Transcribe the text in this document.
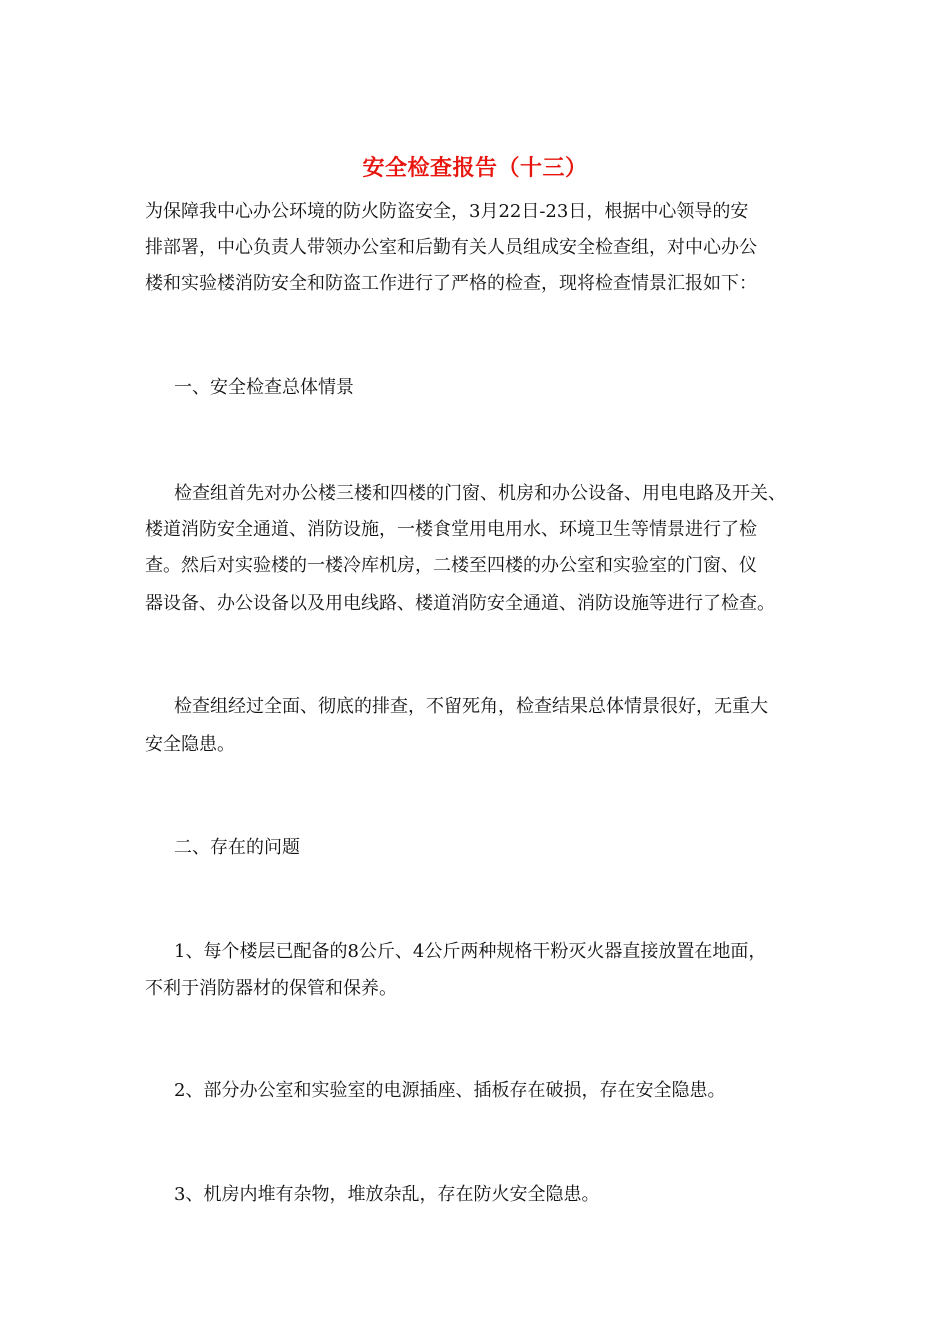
安全检查报告（十三）
为保障我中心办公环境的防火防盗安全，3月22日-23日，根据中心领导的安
排部署，中心负责人带领办公室和后勤有关人员组成安全检查组，对中心办公
楼和实验楼消防安全和防盗工作进行了严格的检查，现将检查情景汇报如下：
一、安全检查总体情景
检查组首先对办公楼三楼和四楼的门窗、机房和办公设备、用电电路及开关、
楼道消防安全通道、消防设施，一楼食堂用电用水、环境卫生等情景进行了检
查。然后对实验楼的一楼冷库机房，二楼至四楼的办公室和实验室的门窗、仪
器设备、办公设备以及用电线路、楼道消防安全通道、消防设施等进行了检查。
检查组经过全面、彻底的排查，不留死角，检查结果总体情景很好，无重大
安全隐患。
二、存在的问题
1、每个楼层已配备的8公斤、4公斤两种规格干粉灭火器直接放置在地面，
不利于消防器材的保管和保养。
2、部分办公室和实验室的电源插座、插板存在破损，存在安全隐患。
3、机房内堆有杂物，堆放杂乱，存在防火安全隐患。
